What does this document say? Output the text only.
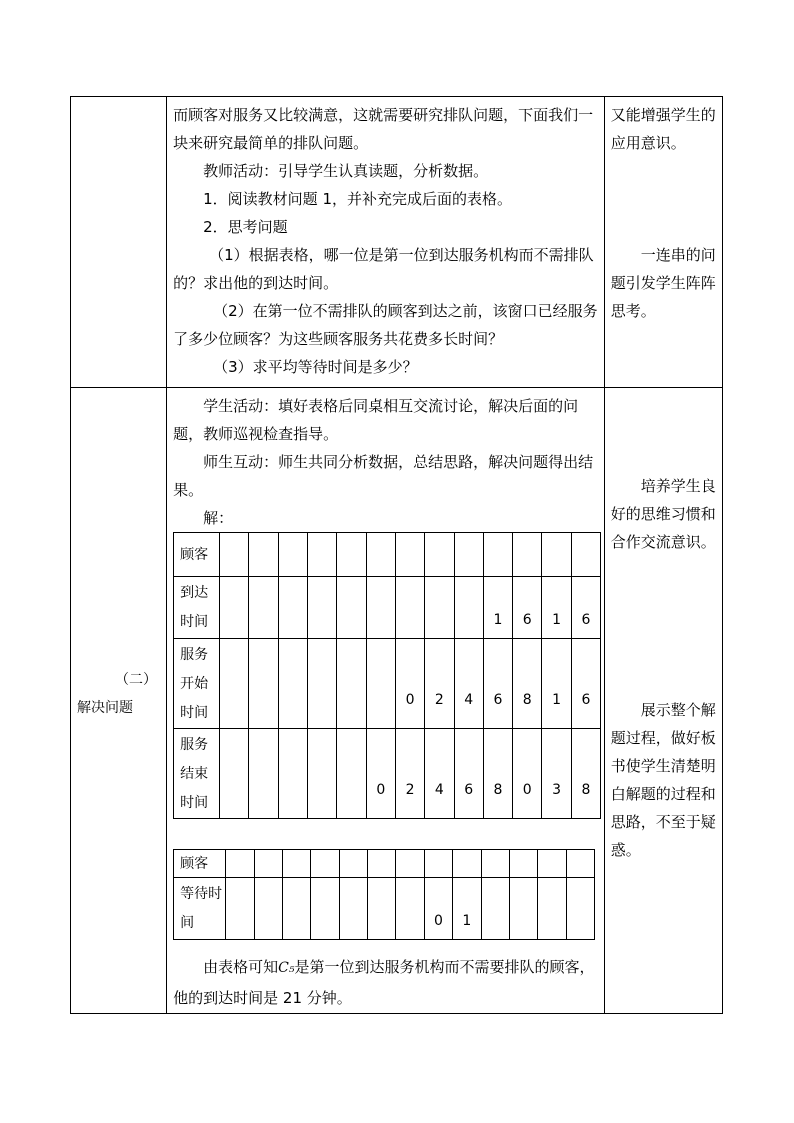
而顾客对服务又比较满意，这就需要研究排队问题，下面我们一块来研究最简单的排队问题。

教师活动：引导学生认真读题，分析数据。

1．阅读教材问题 1，并补充完成后面的表格。

2．思考问题

（1）根据表格，哪一位是第一位到达服务机构而不需排队的？求出他的到达时间。

（2）在第一位不需排队的顾客到达之前，该窗口已经服务了多少位顾客？为这些顾客服务共花费多长时间？

（3）求平均等待时间是多少？

又能增强学生的应用意识。

一连串的问题引发学生阵阵思考。

（二）
解决问题

学生活动：填好表格后同桌相互交流讨论，解决后面的问题，教师巡视检查指导。

师生互动：师生共同分析数据，总结思路，解决问题得出结果。

解：

顾客													
到达时间										1	6	1	6
服务开始时间							0	2	4	6	8	1	6
服务结束时间						0	2	4	6	8	0	3	8
顾客													
等待时间								0	1				

由表格可知C₅是第一位到达服务机构而不需要排队的顾客，他的到达时间是 21 分钟。

培养学生良好的思维习惯和合作交流意识。

展示整个解题过程，做好板书使学生清楚明白解题的过程和思路，不至于疑惑。
